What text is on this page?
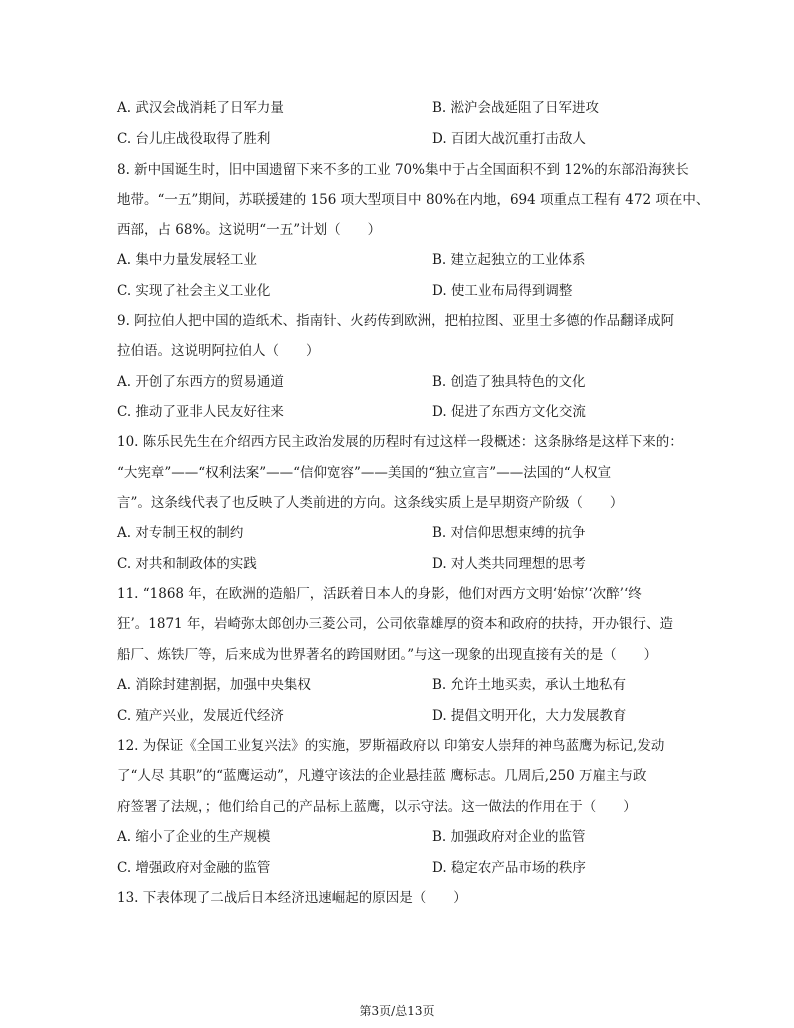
A. 武汉会战消耗了日军力量	B. 淞沪会战延阻了日军进攻
C. 台儿庄战役取得了胜利	D. 百团大战沉重打击敌人
8. 新中国诞生时，旧中国遗留下来不多的工业 70%集中于占全国面积不到 12%的东部沿海狭长
地带。“一五”期间，苏联援建的 156 项大型项目中 80%在内地，694 项重点工程有 472 项在中、
西部，占 68%。这说明“一五”计划（　　）
A. 集中力量发展轻工业	B. 建立起独立的工业体系
C. 实现了社会主义工业化	D. 使工业布局得到调整
9. 阿拉伯人把中国的造纸术、指南针、火药传到欧洲，把柏拉图、亚里士多德的作品翻译成阿
拉伯语。这说明阿拉伯人（　　）
A. 开创了东西方的贸易通道	B. 创造了独具特色的文化
C. 推动了亚非人民友好往来	D. 促进了东西方文化交流
10. 陈乐民先生在介绍西方民主政治发展的历程时有过这样一段概述：这条脉络是这样下来的：
“大宪章”——“权利法案”——“信仰宽容”——美国的“独立宣言”——法国的“人权宣
言”。这条线代表了也反映了人类前进的方向。这条线实质上是早期资产阶级（　　）
A. 对专制王权的制约	B. 对信仰思想束缚的抗争
C. 对共和制政体的实践	D. 对人类共同理想的思考
11. “1868 年，在欧洲的造船厂，活跃着日本人的身影，他们对西方文明‘始惊’‘次醉’‘终
狂’。1871 年，岩崎弥太郎创办三菱公司，公司依靠雄厚的资本和政府的扶持，开办银行、造
船厂、炼铁厂等，后来成为世界著名的跨国财团。”与这一现象的出现直接有关的是（　　）
A. 消除封建割据，加强中央集权	B. 允许土地买卖，承认土地私有
C. 殖产兴业，发展近代经济	D. 提倡文明开化，大力发展教育
12. 为保证《全国工业复兴法》的实施，罗斯福政府以 印第安人崇拜的神鸟蓝鹰为标记,发动
了“人尽 其职”的“蓝鹰运动”，凡遵守该法的企业悬挂蓝 鹰标志。几周后,250 万雇主与政
府签署了法规，；他们给自己的产品标上蓝鹰，以示守法。这一做法的作用在于（　　）
A. 缩小了企业的生产规模	B. 加强政府对企业的监管
C. 增强政府对金融的监管	D. 稳定农产品市场的秩序
13. 下表体现了二战后日本经济迅速崛起的原因是（　　）
第3页/总13页
